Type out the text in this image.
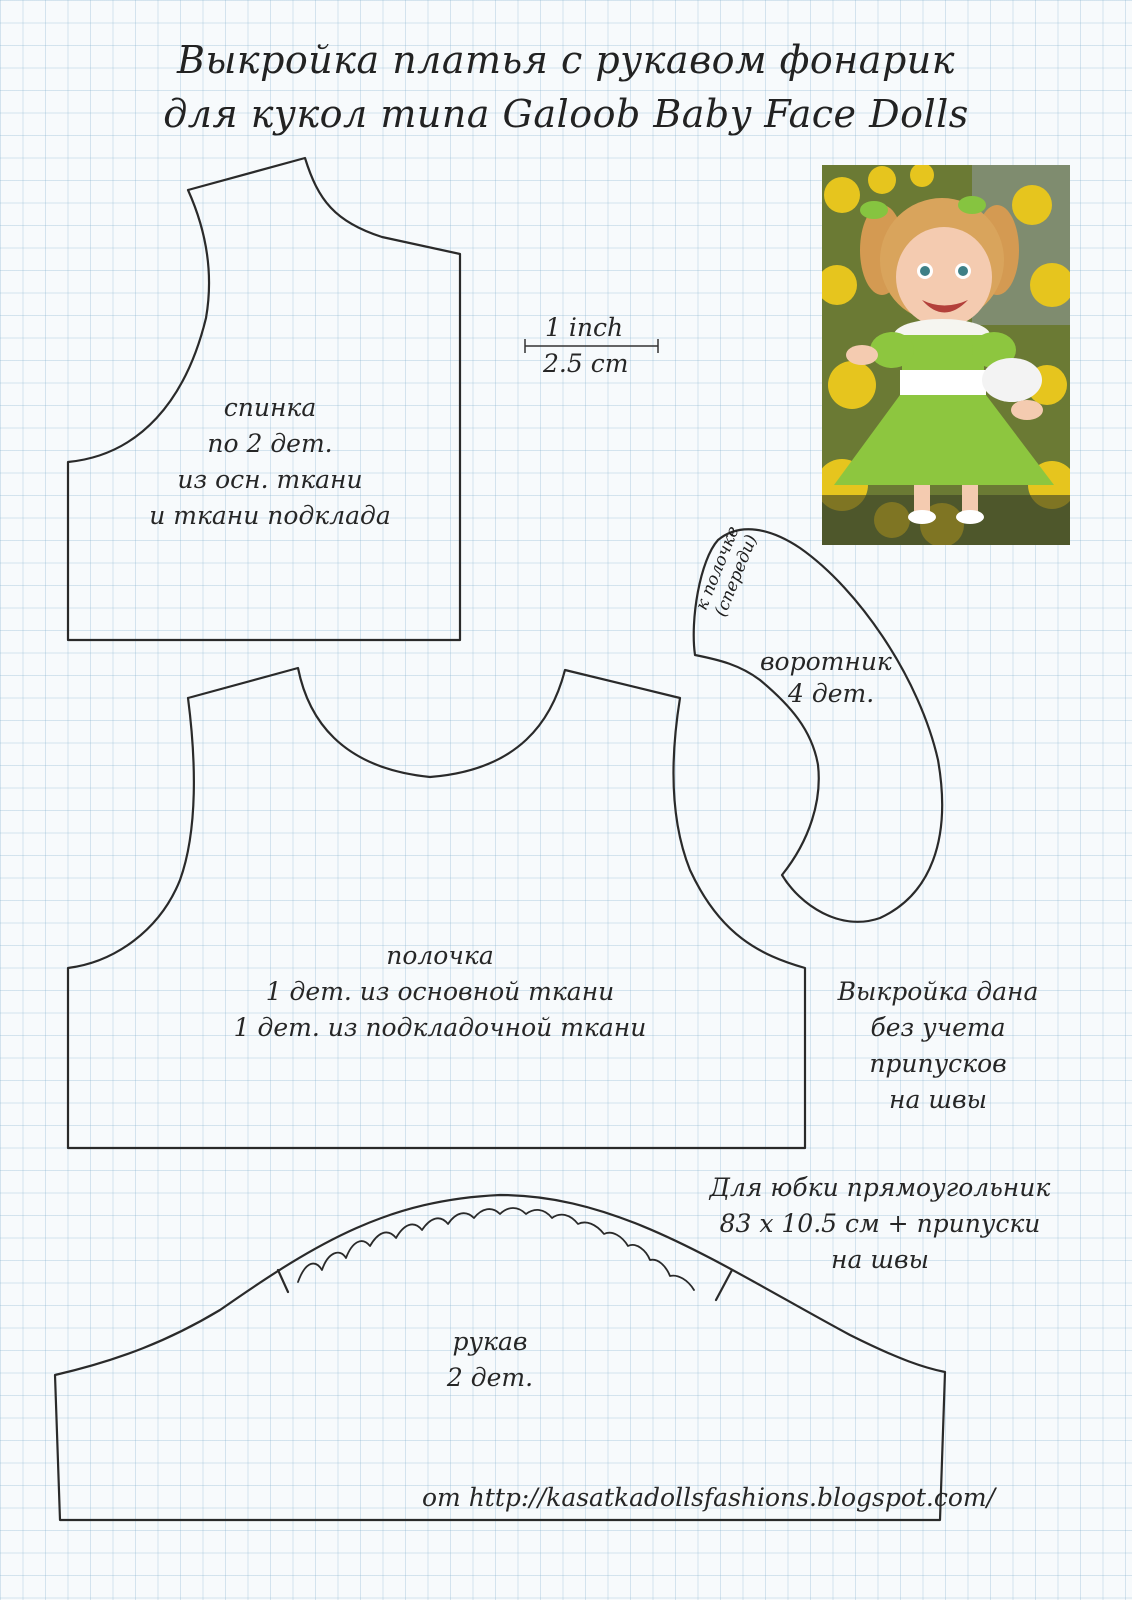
Выкройка платья с рукавом фонарик
для кукол типа Galoob Baby Face Dolls
1 inch
2.5 cm
спинка
по 2 дет.
из осн. ткани
и ткани подклада
к полочке (спереди)
воротник
4 дет.
полочка
1 дет. из основной ткани
1 дет. из подкладочной ткани
Выкройка дана
без учета
припусков
на швы
Для юбки прямоугольник
83 x 10.5 см + припуски
на швы
рукав
2 дет.
от http://kasatkadollsfashions.blogspot.com/
